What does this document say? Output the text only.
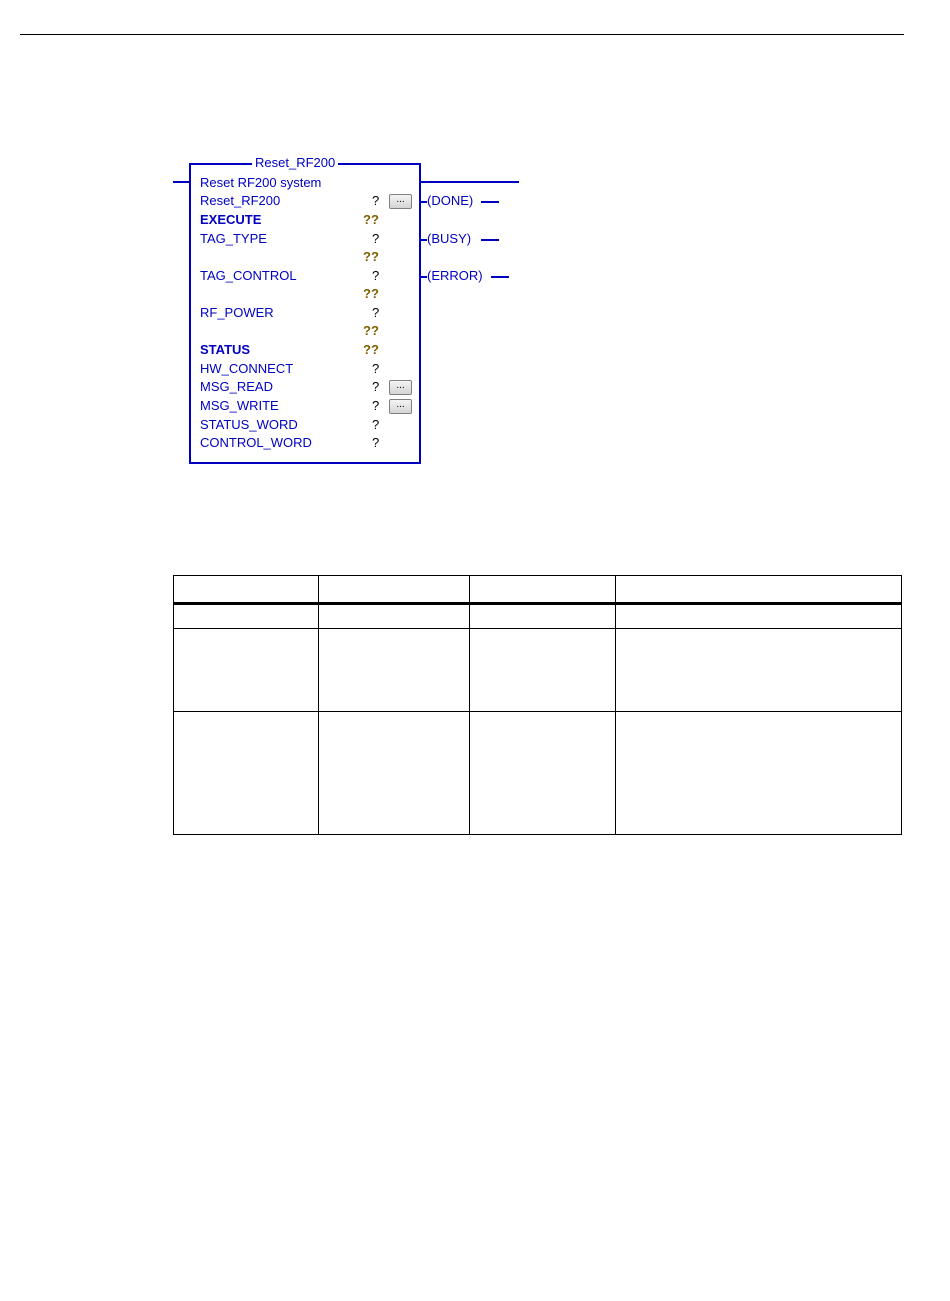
Reset_RF200
Reset RF200 system
Reset_RF200	?	...
EXECUTE	??
TAG_TYPE	?
??
TAG_CONTROL	?
??
RF_POWER	?
??
STATUS	??
HW_CONNECT	?
MSG_READ	?	...
MSG_WRITE	?	...
STATUS_WORD	?
CONTROL_WORD	?
(DONE)
(BUSY)
(ERROR)
